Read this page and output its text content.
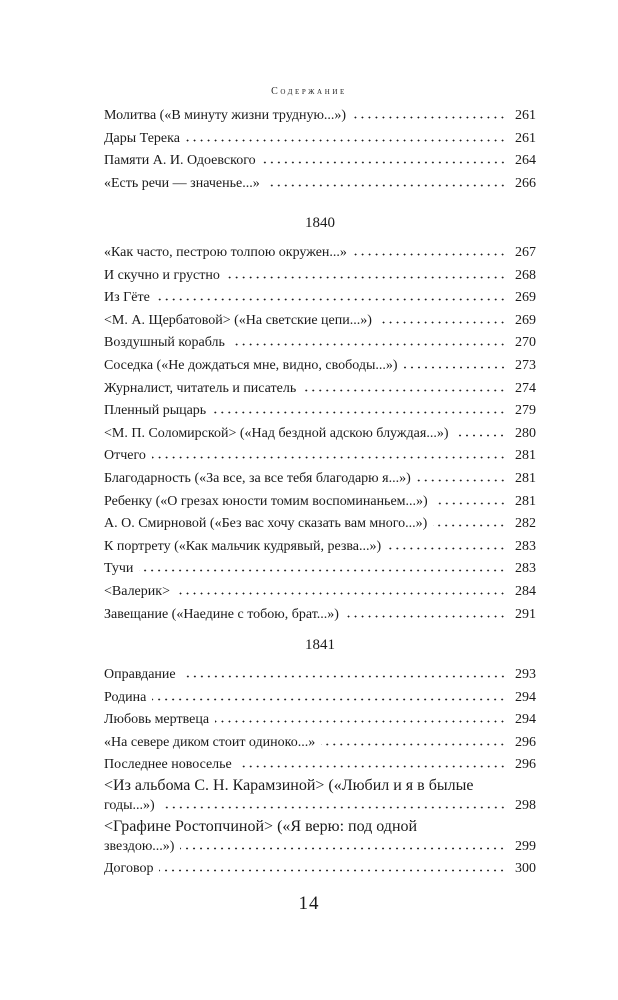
Содержание
Молитва («В минуту жизни трудную...»)	261
Дары Терека	261
Памяти А. И. Одоевского	264
«Есть речи — значенье...»	266
1840
«Как часто, пестрою толпою окружен...»	267
И скучно и грустно	268
Из Гёте	269
<М. А. Щербатовой> («На светские цепи...»)	269
Воздушный корабль	270
Соседка («Не дождаться мне, видно, свободы...»)	273
Журналист, читатель и писатель	274
Пленный рыцарь	279
<М. П. Соломирской> («Над бездной адскою блуждая...»)	280
Отчего	281
Благодарность («За все, за все тебя благодарю я...»)	281
Ребенку («О грезах юности томим воспоминаньем...»)	281
А. О. Смирновой («Без вас хочу сказать вам много...»)	282
К портрету («Как мальчик кудрявый, резва...»)	283
Тучи	283
<Валерик>	284
Завещание («Наедине с тобою, брат...»)	291
1841
Оправдание	293
Родина	294
Любовь мертвеца	294
«На севере диком стоит одиноко...»	296
Последнее новоселье	296
<Из альбома С. Н. Карамзиной> («Любил и я в былые
годы...»)	298
<Графине Ростопчиной> («Я верю: под одной
звездою...»)	299
Договор	300
14
